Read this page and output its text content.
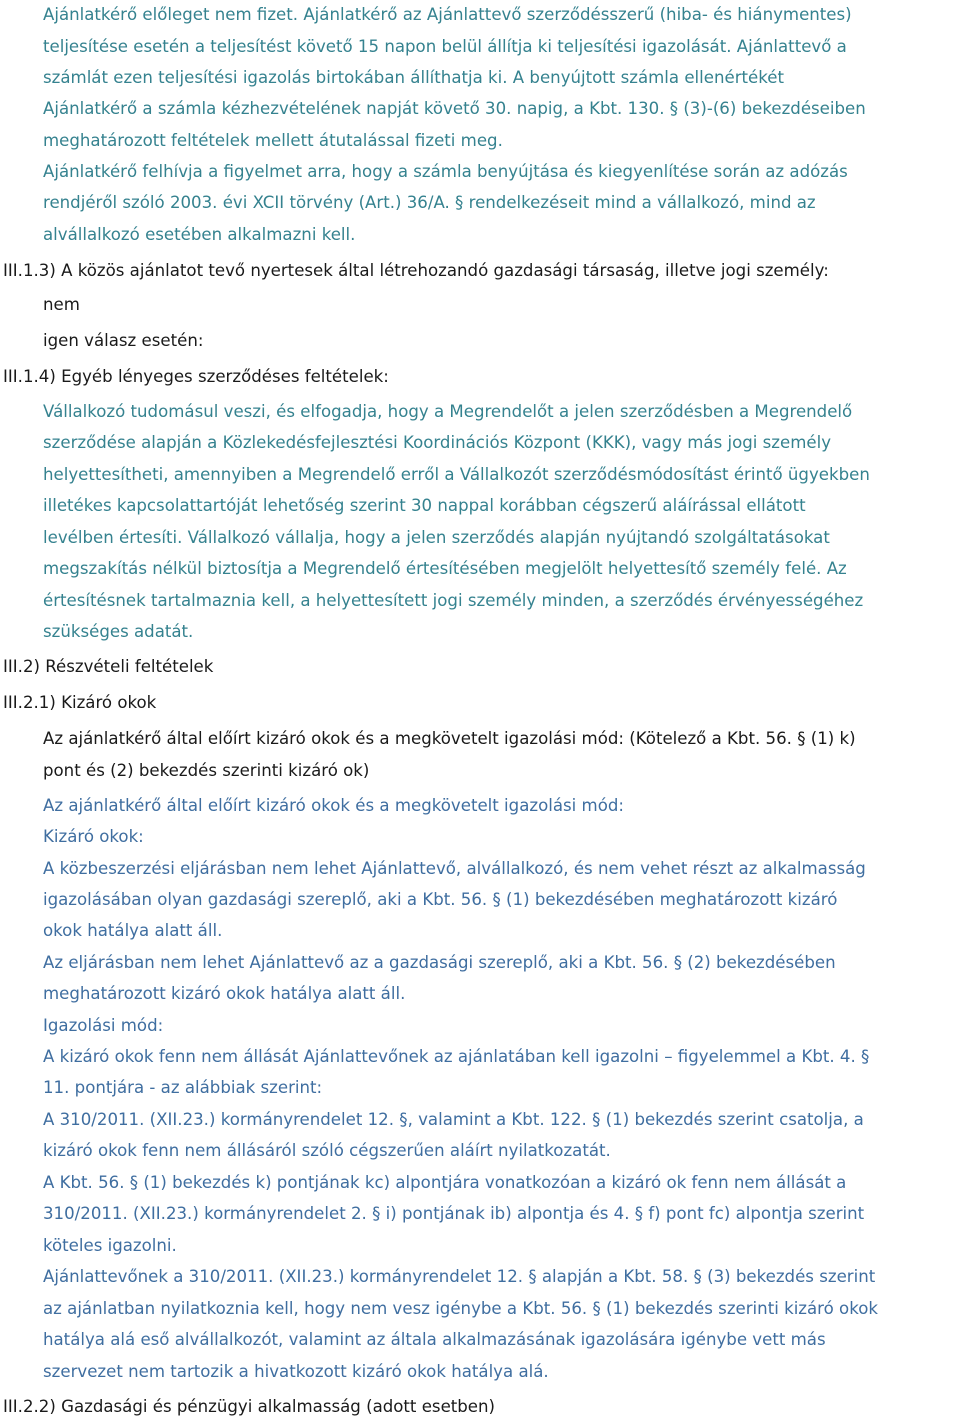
Ajánlatkérő előleget nem fizet. Ajánlatkérő az Ajánlattevő szerződésszerű (hiba- és hiánymentes)
teljesítése esetén a teljesítést követő 15 napon belül állítja ki teljesítési igazolását. Ajánlattevő a
számlát ezen teljesítési igazolás birtokában állíthatja ki. A benyújtott számla ellenértékét
Ajánlatkérő a számla kézhezvételének napját követő 30. napig, a Kbt. 130. § (3)-(6) bekezdéseiben
meghatározott feltételek mellett átutalással fizeti meg.
Ajánlatkérő felhívja a figyelmet arra, hogy a számla benyújtása és kiegyenlítése során az adózás
rendjéről szóló 2003. évi XCII törvény (Art.) 36/A. § rendelkezéseit mind a vállalkozó, mind az
alvállalkozó esetében alkalmazni kell.
III.1.3) A közös ajánlatot tevő nyertesek által létrehozandó gazdasági társaság, illetve jogi személy:
nem
igen válasz esetén:
III.1.4) Egyéb lényeges szerződéses feltételek:
Vállalkozó tudomásul veszi, és elfogadja, hogy a Megrendelőt a jelen szerződésben a Megrendelő
szerződése alapján a Közlekedésfejlesztési Koordinációs Központ (KKK), vagy más jogi személy
helyettesítheti, amennyiben a Megrendelő erről a Vállalkozót szerződésmódosítást érintő ügyekben
illetékes kapcsolattartóját lehetőség szerint 30 nappal korábban cégszerű aláírással ellátott
levélben értesíti. Vállalkozó vállalja, hogy a jelen szerződés alapján nyújtandó szolgáltatásokat
megszakítás nélkül biztosítja a Megrendelő értesítésében megjelölt helyettesítő személy felé. Az
értesítésnek tartalmaznia kell, a helyettesített jogi személy minden, a szerződés érvényességéhez
szükséges adatát.
III.2) Részvételi feltételek
III.2.1) Kizáró okok
Az ajánlatkérő által előírt kizáró okok és a megkövetelt igazolási mód: (Kötelező a Kbt. 56. § (1) k)
pont és (2) bekezdés szerinti kizáró ok)
Az ajánlatkérő által előírt kizáró okok és a megkövetelt igazolási mód:
Kizáró okok:
A közbeszerzési eljárásban nem lehet Ajánlattevő, alvállalkozó, és nem vehet részt az alkalmasság
igazolásában olyan gazdasági szereplő, aki a Kbt. 56. § (1) bekezdésében meghatározott kizáró
okok hatálya alatt áll.
Az eljárásban nem lehet Ajánlattevő az a gazdasági szereplő, aki a Kbt. 56. § (2) bekezdésében
meghatározott kizáró okok hatálya alatt áll.
Igazolási mód:
A kizáró okok fenn nem állását Ajánlattevőnek az ajánlatában kell igazolni – figyelemmel a Kbt. 4. §
11. pontjára - az alábbiak szerint:
A 310/2011. (XII.23.) kormányrendelet 12. §, valamint a Kbt. 122. § (1) bekezdés szerint csatolja, a
kizáró okok fenn nem állásáról szóló cégszerűen aláírt nyilatkozatát.
A Kbt. 56. § (1) bekezdés k) pontjának kc) alpontjára vonatkozóan a kizáró ok fenn nem állását a
310/2011. (XII.23.) kormányrendelet 2. § i) pontjának ib) alpontja és 4. § f) pont fc) alpontja szerint
köteles igazolni.
Ajánlattevőnek a 310/2011. (XII.23.) kormányrendelet 12. § alapján a Kbt. 58. § (3) bekezdés szerint
az ajánlatban nyilatkoznia kell, hogy nem vesz igénybe a Kbt. 56. § (1) bekezdés szerinti kizáró okok
hatálya alá eső alvállalkozót, valamint az általa alkalmazásának igazolására igénybe vett más
szervezet nem tartozik a hivatkozott kizáró okok hatálya alá.
III.2.2) Gazdasági és pénzügyi alkalmasság (adott esetben)
